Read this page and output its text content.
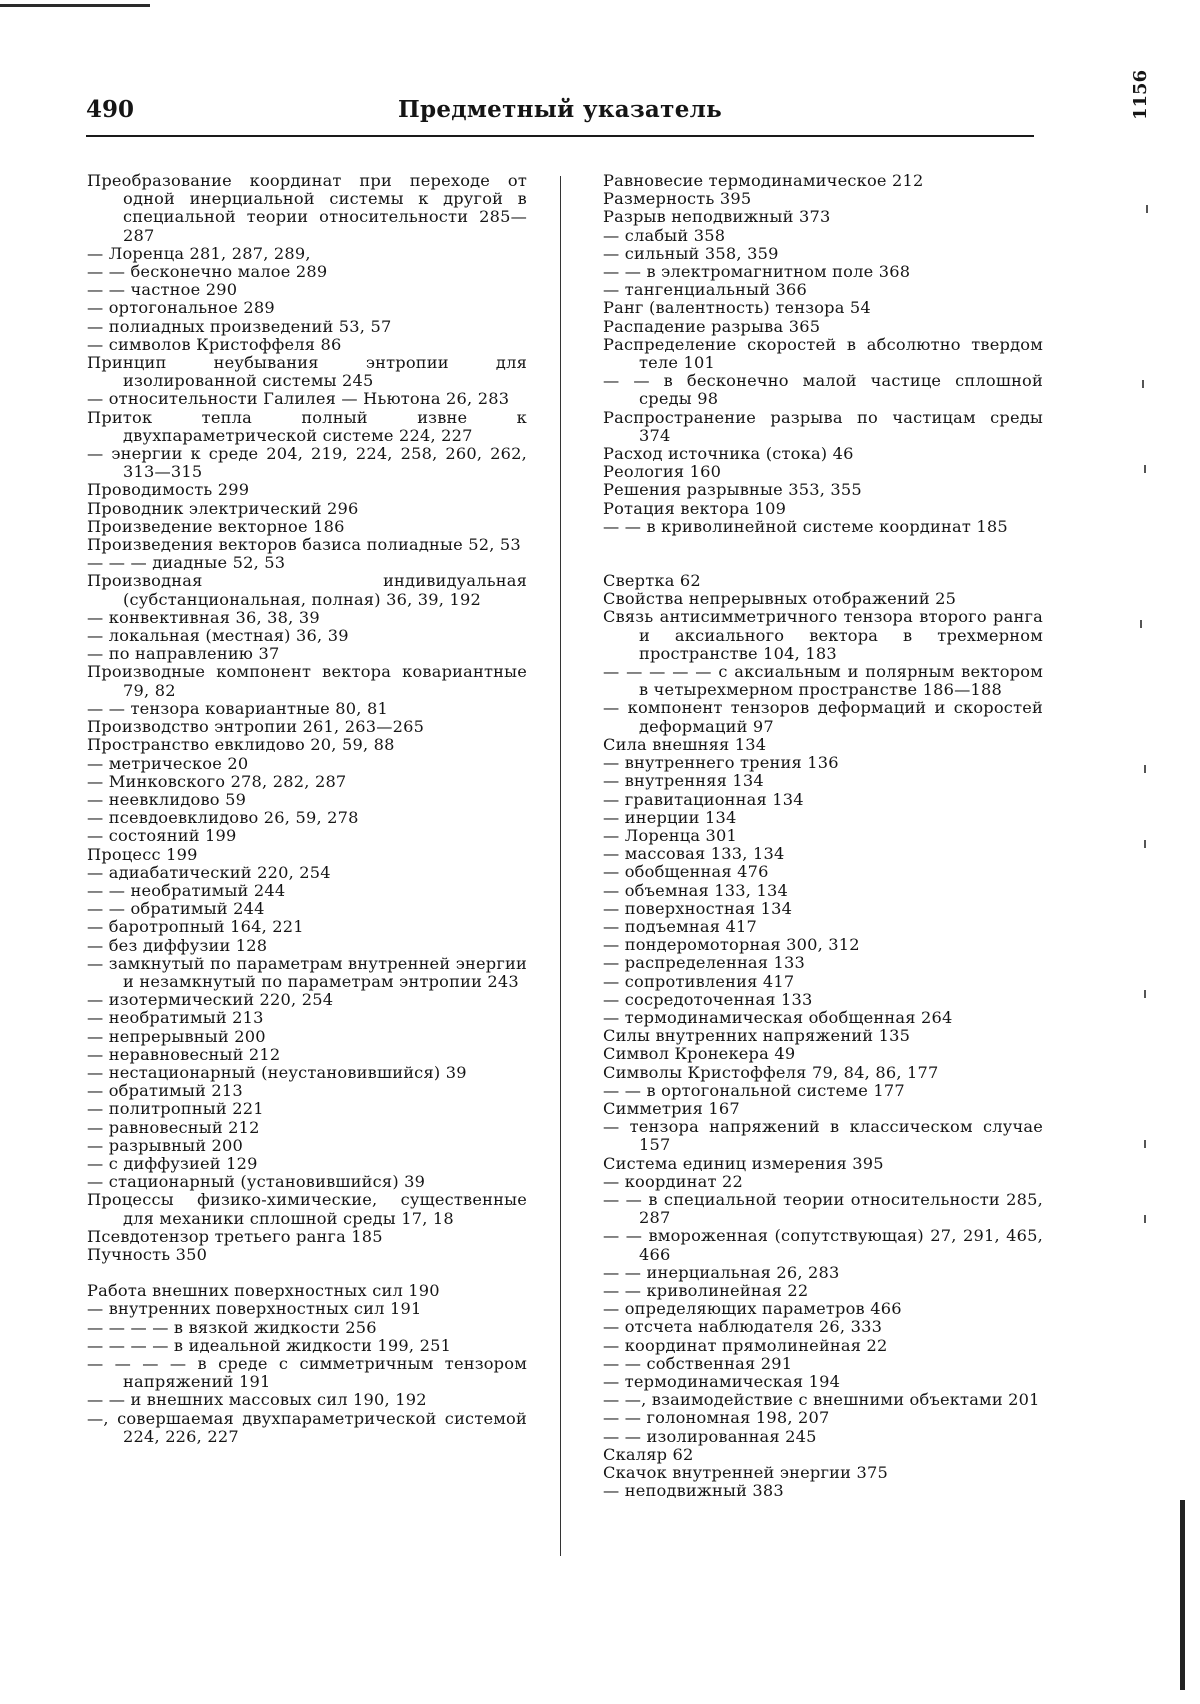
490	Предметный указатель

Преобразование координат при переходе от одной инерциальной системы к другой в специальной теории относительности 285—287

— Лоренца 281, 287, 289,

— — бесконечно малое 289

— — частное 290

— ортогональное 289

— полиадных произведений 53, 57

— символов Кристоффеля 86

Принцип неубывания энтропии для изолированной системы 245

— относительности Галилея — Ньютона 26, 283

Приток тепла полный извне к двухпараметрической системе 224, 227

— энергии к среде 204, 219, 224, 258, 260, 262, 313—315

Проводимость 299

Проводник электрический 296

Произведение векторное 186

Произведения векторов базиса полиадные 52, 53

— — — диадные 52, 53

Производная индивидуальная (субстанциональная, полная) 36, 39, 192

— конвективная 36, 38, 39

— локальная (местная) 36, 39

— по направлению 37

Производные компонент вектора ковариантные 79, 82

— — тензора ковариантные 80, 81

Производство энтропии 261, 263—265

Пространство евклидово 20, 59, 88

— метрическое 20

— Минковского 278, 282, 287

— неевклидово 59

— псевдоевклидово 26, 59, 278

— состояний 199

Процесс 199

— адиабатический 220, 254

— — необратимый 244

— — обратимый 244

— баротропный 164, 221

— без диффузии 128

— замкнутый по параметрам внутренней энергии и незамкнутый по параметрам энтропии 243

— изотермический 220, 254

— необратимый 213

— непрерывный 200

— неравновесный 212

— нестационарный (неустановившийся) 39

— обратимый 213

— политропный 221

— равновесный 212

— разрывный 200

— с диффузией 129

— стационарный (установившийся) 39

Процессы физико-химические, существенные для механики сплошной среды 17, 18

Псевдотензор третьего ранга 185

Пучность 350

Работа внешних поверхностных сил 190

— внутренних поверхностных сил 191

— — — — в вязкой жидкости 256

— — — — в идеальной жидкости 199, 251

— — — — в среде с симметричным тензором напряжений 191

— — и внешних массовых сил 190, 192

—, совершаемая двухпараметрической системой 224, 226, 227

Равновесие термодинамическое 212

Размерность 395

Разрыв неподвижный 373

— слабый 358

— сильный 358, 359

— — в электромагнитном поле 368

— тангенциальный 366

Ранг (валентность) тензора 54

Распадение разрыва 365

Распределение скоростей в абсолютно твердом теле 101

— — в бесконечно малой частице сплошной среды 98

Распространение разрыва по частицам среды 374

Расход источника (стока) 46

Реология 160

Решения разрывные 353, 355

Ротация вектора 109

— — в криволинейной системе координат 185

Свертка 62

Свойства непрерывных отображений 25

Связь антисимметричного тензора второго ранга и аксиального вектора в трехмерном пространстве 104, 183

— — — — — с аксиальным и полярным вектором в четырехмерном пространстве 186—188

— компонент тензоров деформаций и скоростей деформаций 97

Сила внешняя 134

— внутреннего трения 136

— внутренняя 134

— гравитационная 134

— инерции 134

— Лоренца 301

— массовая 133, 134

— обобщенная 476

— объемная 133, 134

— поверхностная 134

— подъемная 417

— пондеромоторная 300, 312

— распределенная 133

— сопротивления 417

— сосредоточенная 133

— термодинамическая обобщенная 264

Силы внутренних напряжений 135

Символ Кронекера 49

Символы Кристоффеля 79, 84, 86, 177

— — в ортогональной системе 177

Симметрия 167

— тензора напряжений в классическом случае 157

Система единиц измерения 395

— координат 22

— — в специальной теории относительности 285, 287

— — вмороженная (сопутствующая) 27, 291, 465, 466

— — инерциальная 26, 283

— — криволинейная 22

— определяющих параметров 466

— отсчета наблюдателя 26, 333

— координат прямолинейная 22

— — собственная 291

— термодинамическая 194

— —, взаимодействие с внешними объектами 201

— — голономная 198, 207

— — изолированная 245

Скаляр 62

Скачок внутренней энергии 375

— неподвижный 383

1156
